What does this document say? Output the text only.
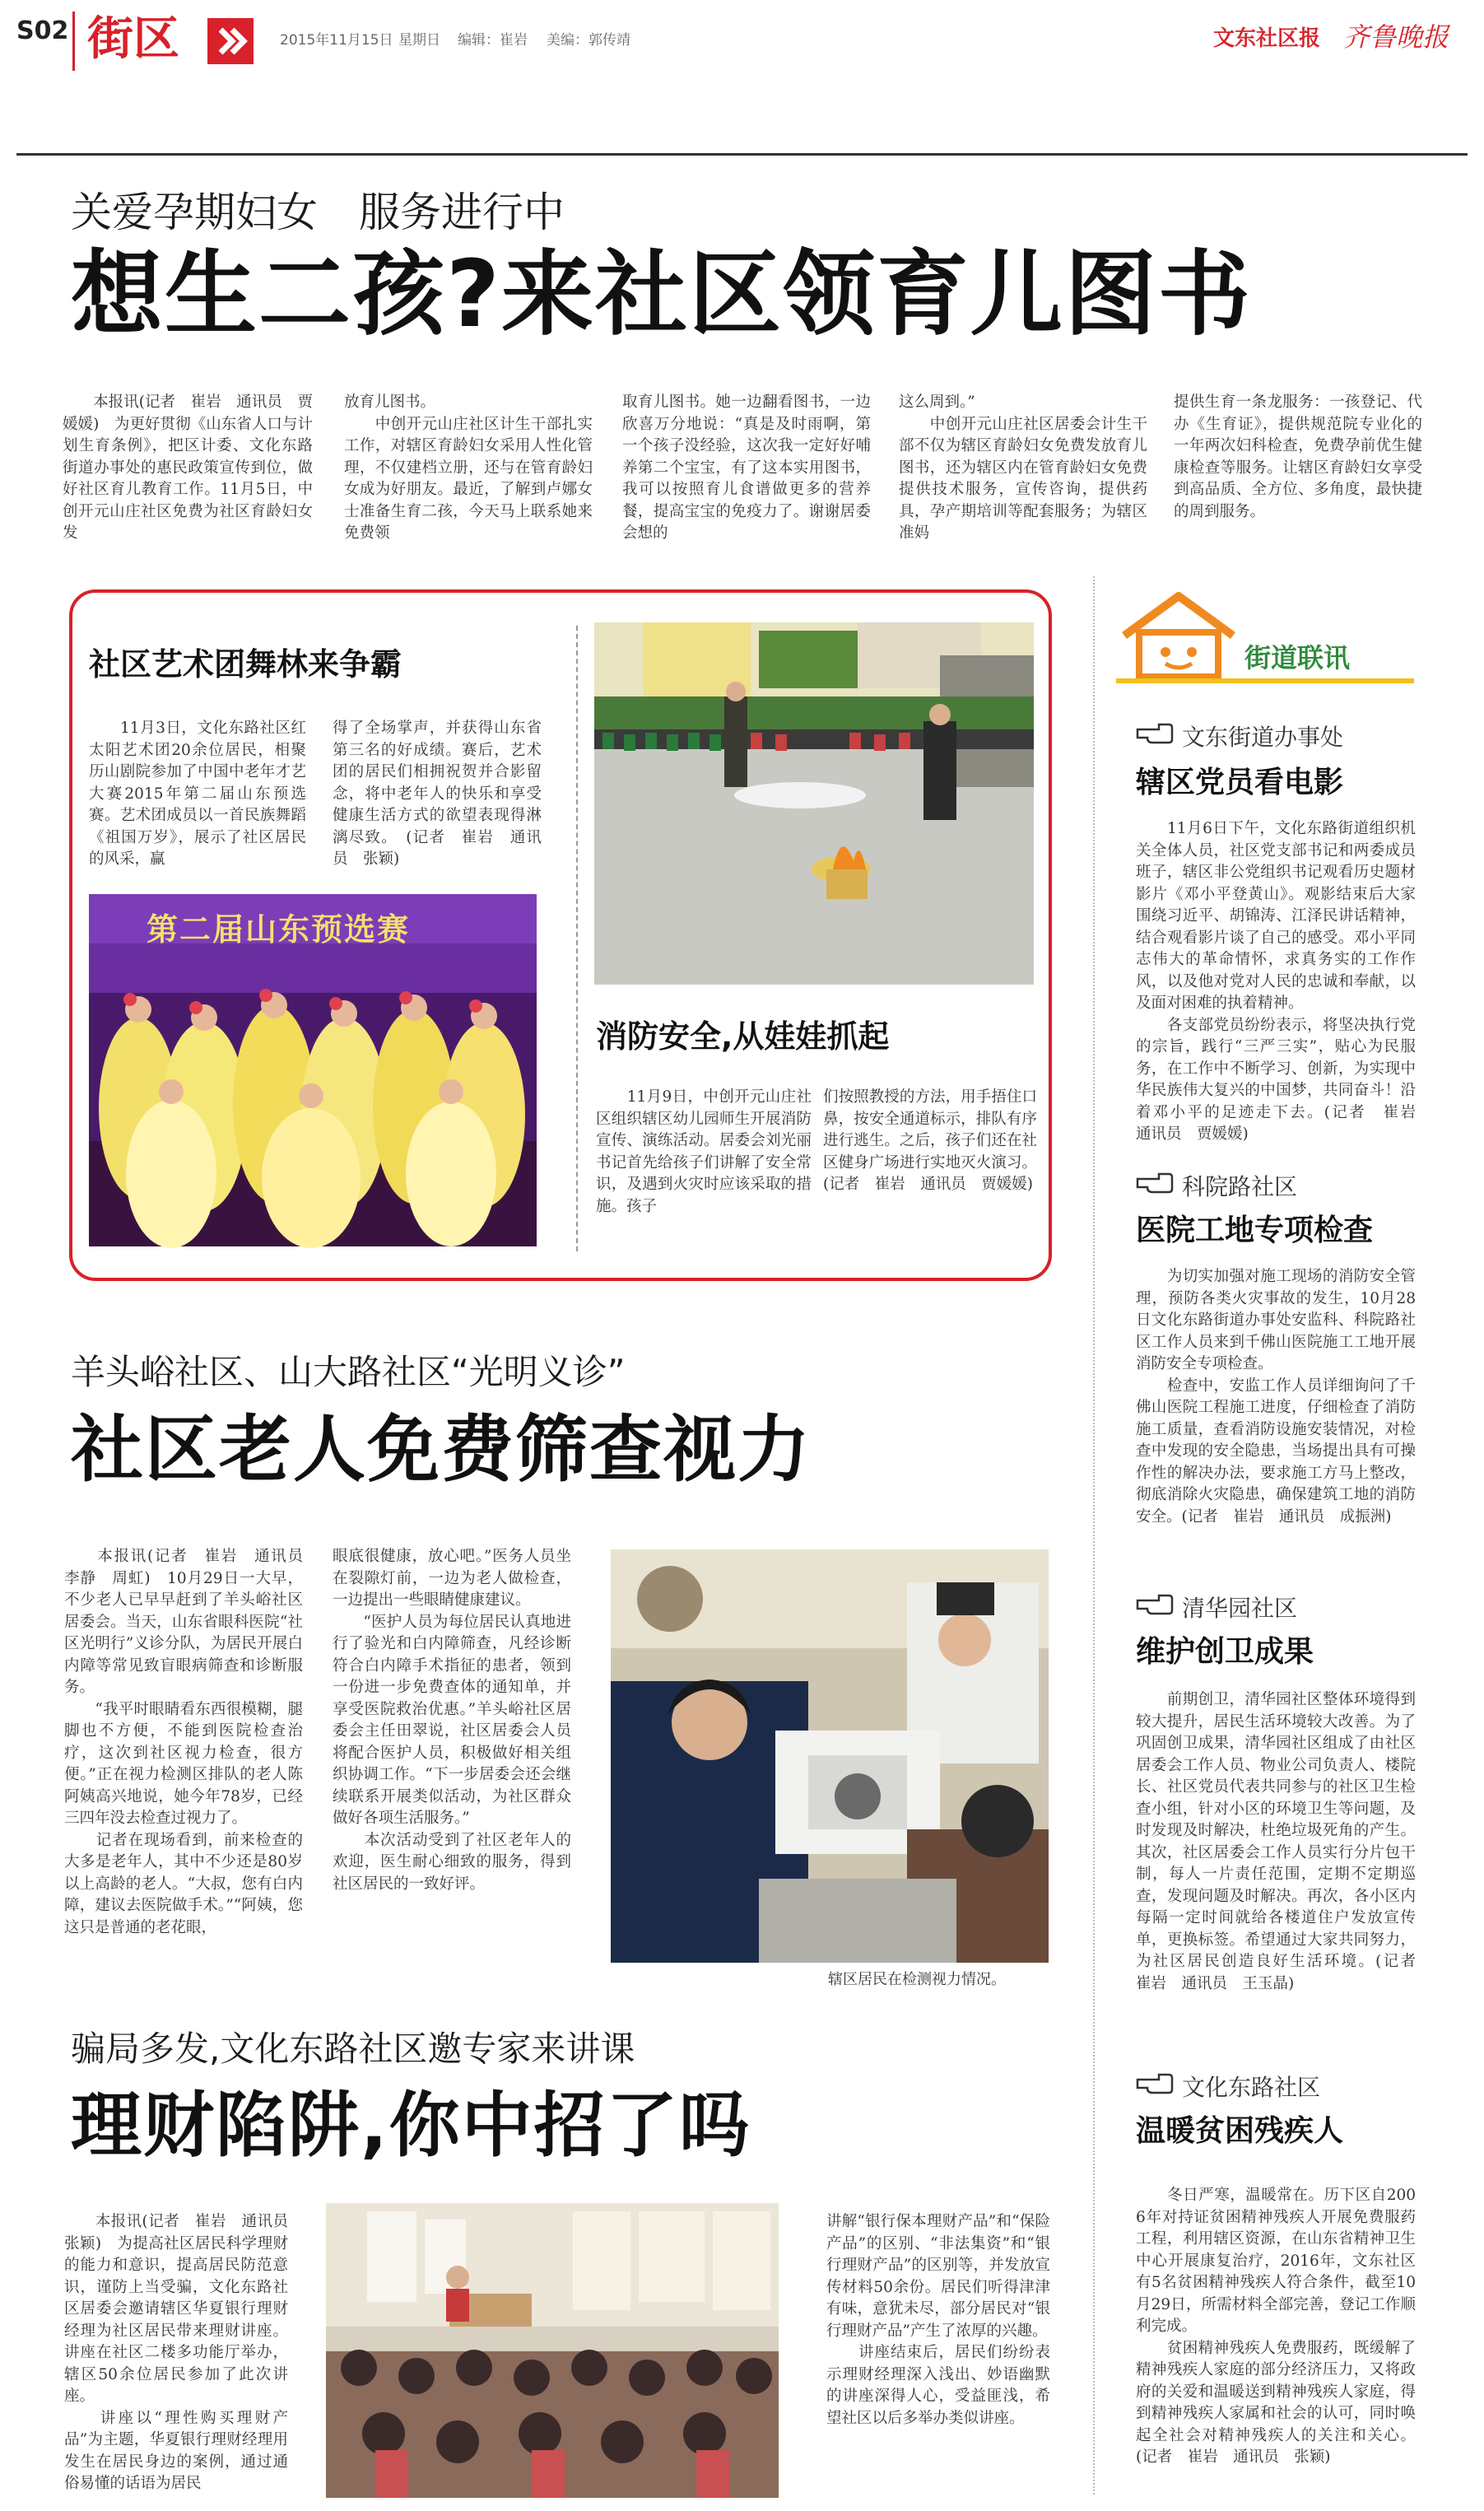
S02 街区	2015年11月15日 星期日 编辑：崔岩 美编：郭传靖	文东社区报 齐鲁晚报
关爱孕期妇女　服务进行中
想生二孩?来社区领育儿图书
　　本报讯(记者　崔岩　通讯员　贾媛媛)　为更好贯彻《山东省人口与计划生育条例》，把区计委、文化东路街道办事处的惠民政策宣传到位，做好社区育儿教育工作。11月5日，中创开元山庄社区免费为社区育龄妇女发
放育儿图书。
　　中创开元山庄社区计生干部扎实工作，对辖区育龄妇女采用人性化管理，不仅建档立册，还与在管育龄妇女成为好朋友。最近，了解到卢娜女士准备生育二孩，今天马上联系她来免费领
取育儿图书。她一边翻看图书，一边欣喜万分地说：“真是及时雨啊，第一个孩子没经验，这次我一定好好哺养第二个宝宝，有了这本实用图书，我可以按照育儿食谱做更多的营养餐，提高宝宝的免疫力了。谢谢居委会想的
这么周到。”
　　中创开元山庄社区居委会计生干部不仅为辖区育龄妇女免费发放育儿图书，还为辖区内在管育龄妇女免费提供技术服务，宣传咨询，提供药具，孕产期培训等配套服务；为辖区准妈
提供生育一条龙服务：一孩登记、代办《生育证》，提供规范院专业化的一年两次妇科检查，免费孕前优生健康检查等服务。让辖区育龄妇女享受到高品质、全方位、多角度，最快捷的周到服务。
社区艺术团舞林来争霸
　　11月3日，文化东路社区红太阳艺术团20余位居民，相聚历山剧院参加了中国中老年才艺大赛2015年第二届山东预选赛。艺术团成员以一首民族舞蹈《祖国万岁》，展示了社区居民的风采，赢
得了全场掌声，并获得山东省第三名的好成绩。赛后，艺术团的居民们相拥祝贺并合影留念，将中老年人的快乐和享受健康生活方式的欲望表现得淋漓尽致。　(记者　崔岩　通讯员　张颖)
第二届山东预选赛
消防安全,从娃娃抓起
　　11月9日，中创开元山庄社区组织辖区幼儿园师生开展消防宣传、演练活动。居委会刘光丽书记首先给孩子们讲解了安全常识，及遇到火灾时应该采取的措施。孩子
们按照教授的方法，用手捂住口鼻，按安全通道标示，排队有序进行逃生。之后，孩子们还在社区健身广场进行实地灭火演习。(记者　崔岩　通讯员　贾媛媛)
羊头峪社区、山大路社区“光明义诊”
社区老人免费筛查视力
　　本报讯(记者　崔岩　通讯员　李静　周虹)　10月29日一大早，不少老人已早早赶到了羊头峪社区居委会。当天，山东省眼科医院“社区光明行”义诊分队，为居民开展白内障等常见致盲眼病筛查和诊断服务。
　　“我平时眼睛看东西很模糊，腿脚也不方便，不能到医院检查治疗，这次到社区视力检查，很方便。”正在视力检测区排队的老人陈阿姨高兴地说，她今年78岁，已经三四年没去检查过视力了。
　　记者在现场看到，前来检查的大多是老年人，其中不少还是80岁以上高龄的老人。“大叔，您有白内障，建议去医院做手术。”“阿姨，您这只是普通的老花眼，
眼底很健康，放心吧。”医务人员坐在裂隙灯前，一边为老人做检查，一边提出一些眼睛健康建议。
　　“医护人员为每位居民认真地进行了验光和白内障筛查，凡经诊断符合白内障手术指征的患者，领到一份进一步免费查体的通知单，并享受医院救治优惠。”羊头峪社区居委会主任田翠说，社区居委会人员将配合医护人员，积极做好相关组织协调工作。“下一步居委会还会继续联系开展类似活动，为社区群众做好各项生活服务。”
　　本次活动受到了社区老年人的欢迎，医生耐心细致的服务，得到社区居民的一致好评。
辖区居民在检测视力情况。
骗局多发,文化东路社区邀专家来讲课
理财陷阱,你中招了吗
　　本报讯(记者　崔岩　通讯员　张颖)　为提高社区居民科学理财的能力和意识，提高居民防范意识，谨防上当受骗，文化东路社区居委会邀请辖区华夏银行理财经理为社区居民带来理财讲座。讲座在社区二楼多功能厅举办，辖区50余位居民参加了此次讲座。
　　讲座以“理性购买理财产品”为主题，华夏银行理财经理用发生在居民身边的案例，通过通俗易懂的话语为居民
讲解“银行保本理财产品”和“保险产品”的区别、“非法集资”和“银行理财产品”的区别等，并发放宣传材料50余份。居民们听得津津有味，意犹未尽，部分居民对“银行理财产品”产生了浓厚的兴趣。
　　讲座结束后，居民们纷纷表示理财经理深入浅出、妙语幽默的讲座深得人心，受益匪浅，希望社区以后多举办类似讲座。
街道联讯
文东街道办事处
辖区党员看电影
　　11月6日下午，文化东路街道组织机关全体人员，社区党支部书记和两委成员班子，辖区非公党组织书记观看历史题材影片《邓小平登黄山》。观影结束后大家围绕习近平、胡锦涛、江泽民讲话精神，结合观看影片谈了自己的感受。邓小平同志伟大的革命情怀，求真务实的工作作风，以及他对党对人民的忠诚和奉献，以及面对困难的执着精神。
　　各支部党员纷纷表示，将坚决执行党的宗旨，践行“三严三实”，贴心为民服务，在工作中不断学习、创新，为实现中华民族伟大复兴的中国梦，共同奋斗！沿着邓小平的足迹走下去。(记者　崔岩　通讯员　贾媛媛)
科院路社区
医院工地专项检查
　　为切实加强对施工现场的消防安全管理，预防各类火灾事故的发生，10月28日文化东路街道办事处安监科、科院路社区工作人员来到千佛山医院施工工地开展消防安全专项检查。
　　检查中，安监工作人员详细询问了千佛山医院工程施工进度，仔细检查了消防施工质量，查看消防设施安装情况，对检查中发现的安全隐患，当场提出具有可操作性的解决办法，要求施工方马上整改，彻底消除火灾隐患，确保建筑工地的消防安全。(记者　崔岩　通讯员　成振洲)
清华园社区
维护创卫成果
　　前期创卫，清华园社区整体环境得到较大提升，居民生活环境较大改善。为了巩固创卫成果，清华园社区组成了由社区居委会工作人员、物业公司负责人、楼院长、社区党员代表共同参与的社区卫生检查小组，针对小区的环境卫生等问题，及时发现及时解决，杜绝垃圾死角的产生。其次，社区居委会工作人员实行分片包干制，每人一片责任范围，定期不定期巡查，发现问题及时解决。再次，各小区内每隔一定时间就给各楼道住户发放宣传单，更换标签。希望通过大家共同努力，为社区居民创造良好生活环境。(记者　崔岩　通讯员　王玉晶)
文化东路社区
温暖贫困残疾人
　　冬日严寒，温暖常在。历下区自2006年对持证贫困精神残疾人开展免费服药工程，利用辖区资源，在山东省精神卫生中心开展康复治疗，2016年，文东社区有5名贫困精神残疾人符合条件，截至10月29日，所需材料全部完善，登记工作顺利完成。
　　贫困精神残疾人免费服药，既缓解了精神残疾人家庭的部分经济压力，又将政府的关爱和温暖送到精神残疾人家庭，得到精神残疾人家属和社会的认可，同时唤起全社会对精神残疾人的关注和关心。(记者　崔岩　通讯员　张颖)
